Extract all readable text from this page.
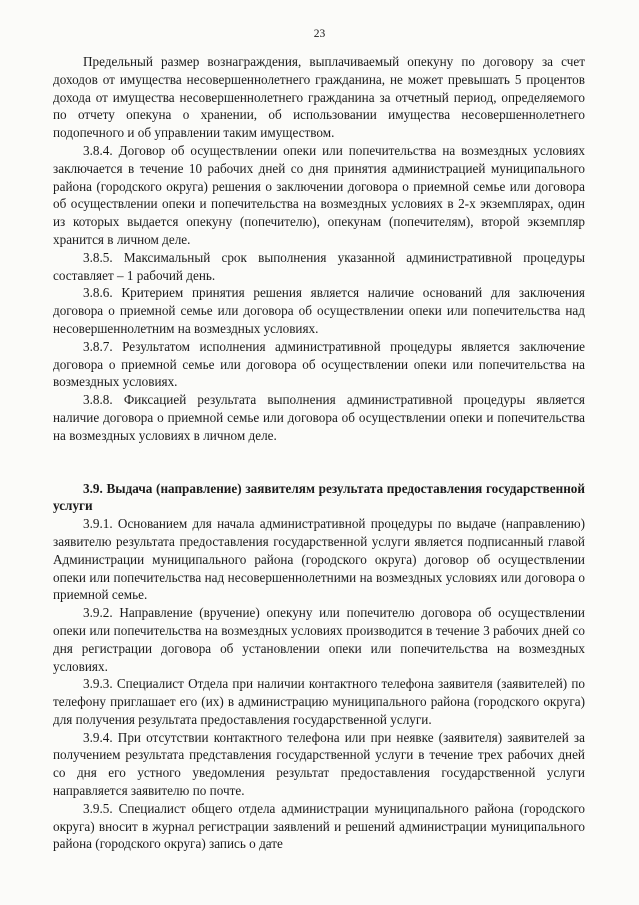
23

Предельный размер вознаграждения, выплачиваемый опекуну по договору за счет доходов от имущества несовершеннолетнего гражданина, не может превышать 5 процентов дохода от имущества несовершеннолетнего гражданина за отчетный период, определяемого по отчету опекуна о хранении, об использовании имущества несовершеннолетнего подопечного и об управлении таким имуществом.

3.8.4. Договор об осуществлении опеки или попечительства на возмездных условиях заключается в течение 10 рабочих дней со дня принятия администрацией муниципального района (городского округа) решения о заключении договора о приемной семье или договора об осуществлении опеки и попечительства на возмездных условиях в 2-х экземплярах, один из которых выдается опекуну (попечителю), опекунам (попечителям), второй экземпляр хранится в личном деле.

3.8.5. Максимальный срок выполнения указанной административной процедуры составляет – 1 рабочий день.

3.8.6. Критерием принятия решения является наличие оснований для заключения договора о приемной семье или договора об осуществлении опеки или попечительства над несовершеннолетним на возмездных условиях.

3.8.7. Результатом исполнения административной процедуры является заключение договора о приемной семье или договора об осуществлении опеки или попечительства на возмездных условиях.

3.8.8. Фиксацией результата выполнения административной процедуры является наличие договора о приемной семье или договора об осуществлении опеки и попечительства на возмездных условиях в личном деле.

3.9. Выдача (направление) заявителям результата предоставления государственной услуги

3.9.1. Основанием для начала административной процедуры по выдаче (направлению) заявителю результата предоставления государственной услуги является подписанный главой Администрации муниципального района (городского округа) договор об осуществлении опеки или попечительства над несовершеннолетними на возмездных условиях или договора о приемной семье.

3.9.2. Направление (вручение) опекуну или попечителю договора об осуществлении опеки или попечительства на возмездных условиях производится в течение 3 рабочих дней со дня регистрации договора об установлении опеки или попечительства на возмездных условиях.

3.9.3. Специалист Отдела при наличии контактного телефона заявителя (заявителей) по телефону приглашает его (их) в администрацию муниципального района (городского округа) для получения результата предоставления государственной услуги.

3.9.4. При отсутствии контактного телефона или при неявке (заявителя) заявителей за получением результата представления государственной услуги в течение трех рабочих дней со дня его устного уведомления результат предоставления государственной услуги направляется заявителю по почте.

3.9.5. Специалист общего отдела администрации муниципального района (городского округа) вносит в журнал регистрации заявлений и решений администрации муниципального района (городского округа) запись о дате
